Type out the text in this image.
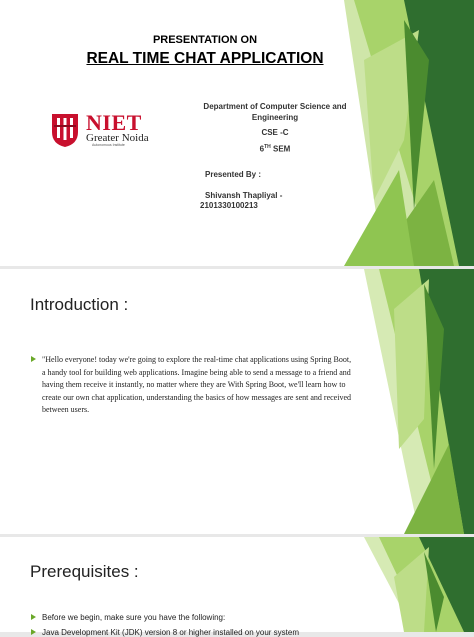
PRESENTATION ON
REAL TIME CHAT APPLICATION
NIET
Greater Noida
Autonomous Institute
Department of Computer Science and Engineering
CSE -C
6TH SEM
Presented By :
Shivansh Thapliyal -
2101330100213
Introduction :
"Hello everyone! today we're going to explore the real-time chat applications using Spring Boot, a handy tool for building web applications. Imagine being able to send a message to a friend and having them receive it instantly, no matter where they are With Spring Boot, we'll learn how to create our own chat application, understanding the basics of how messages are sent and received between users.
Prerequisites :
Before we begin, make sure you have the following:
Java Development Kit (JDK) version 8 or higher installed on your system
